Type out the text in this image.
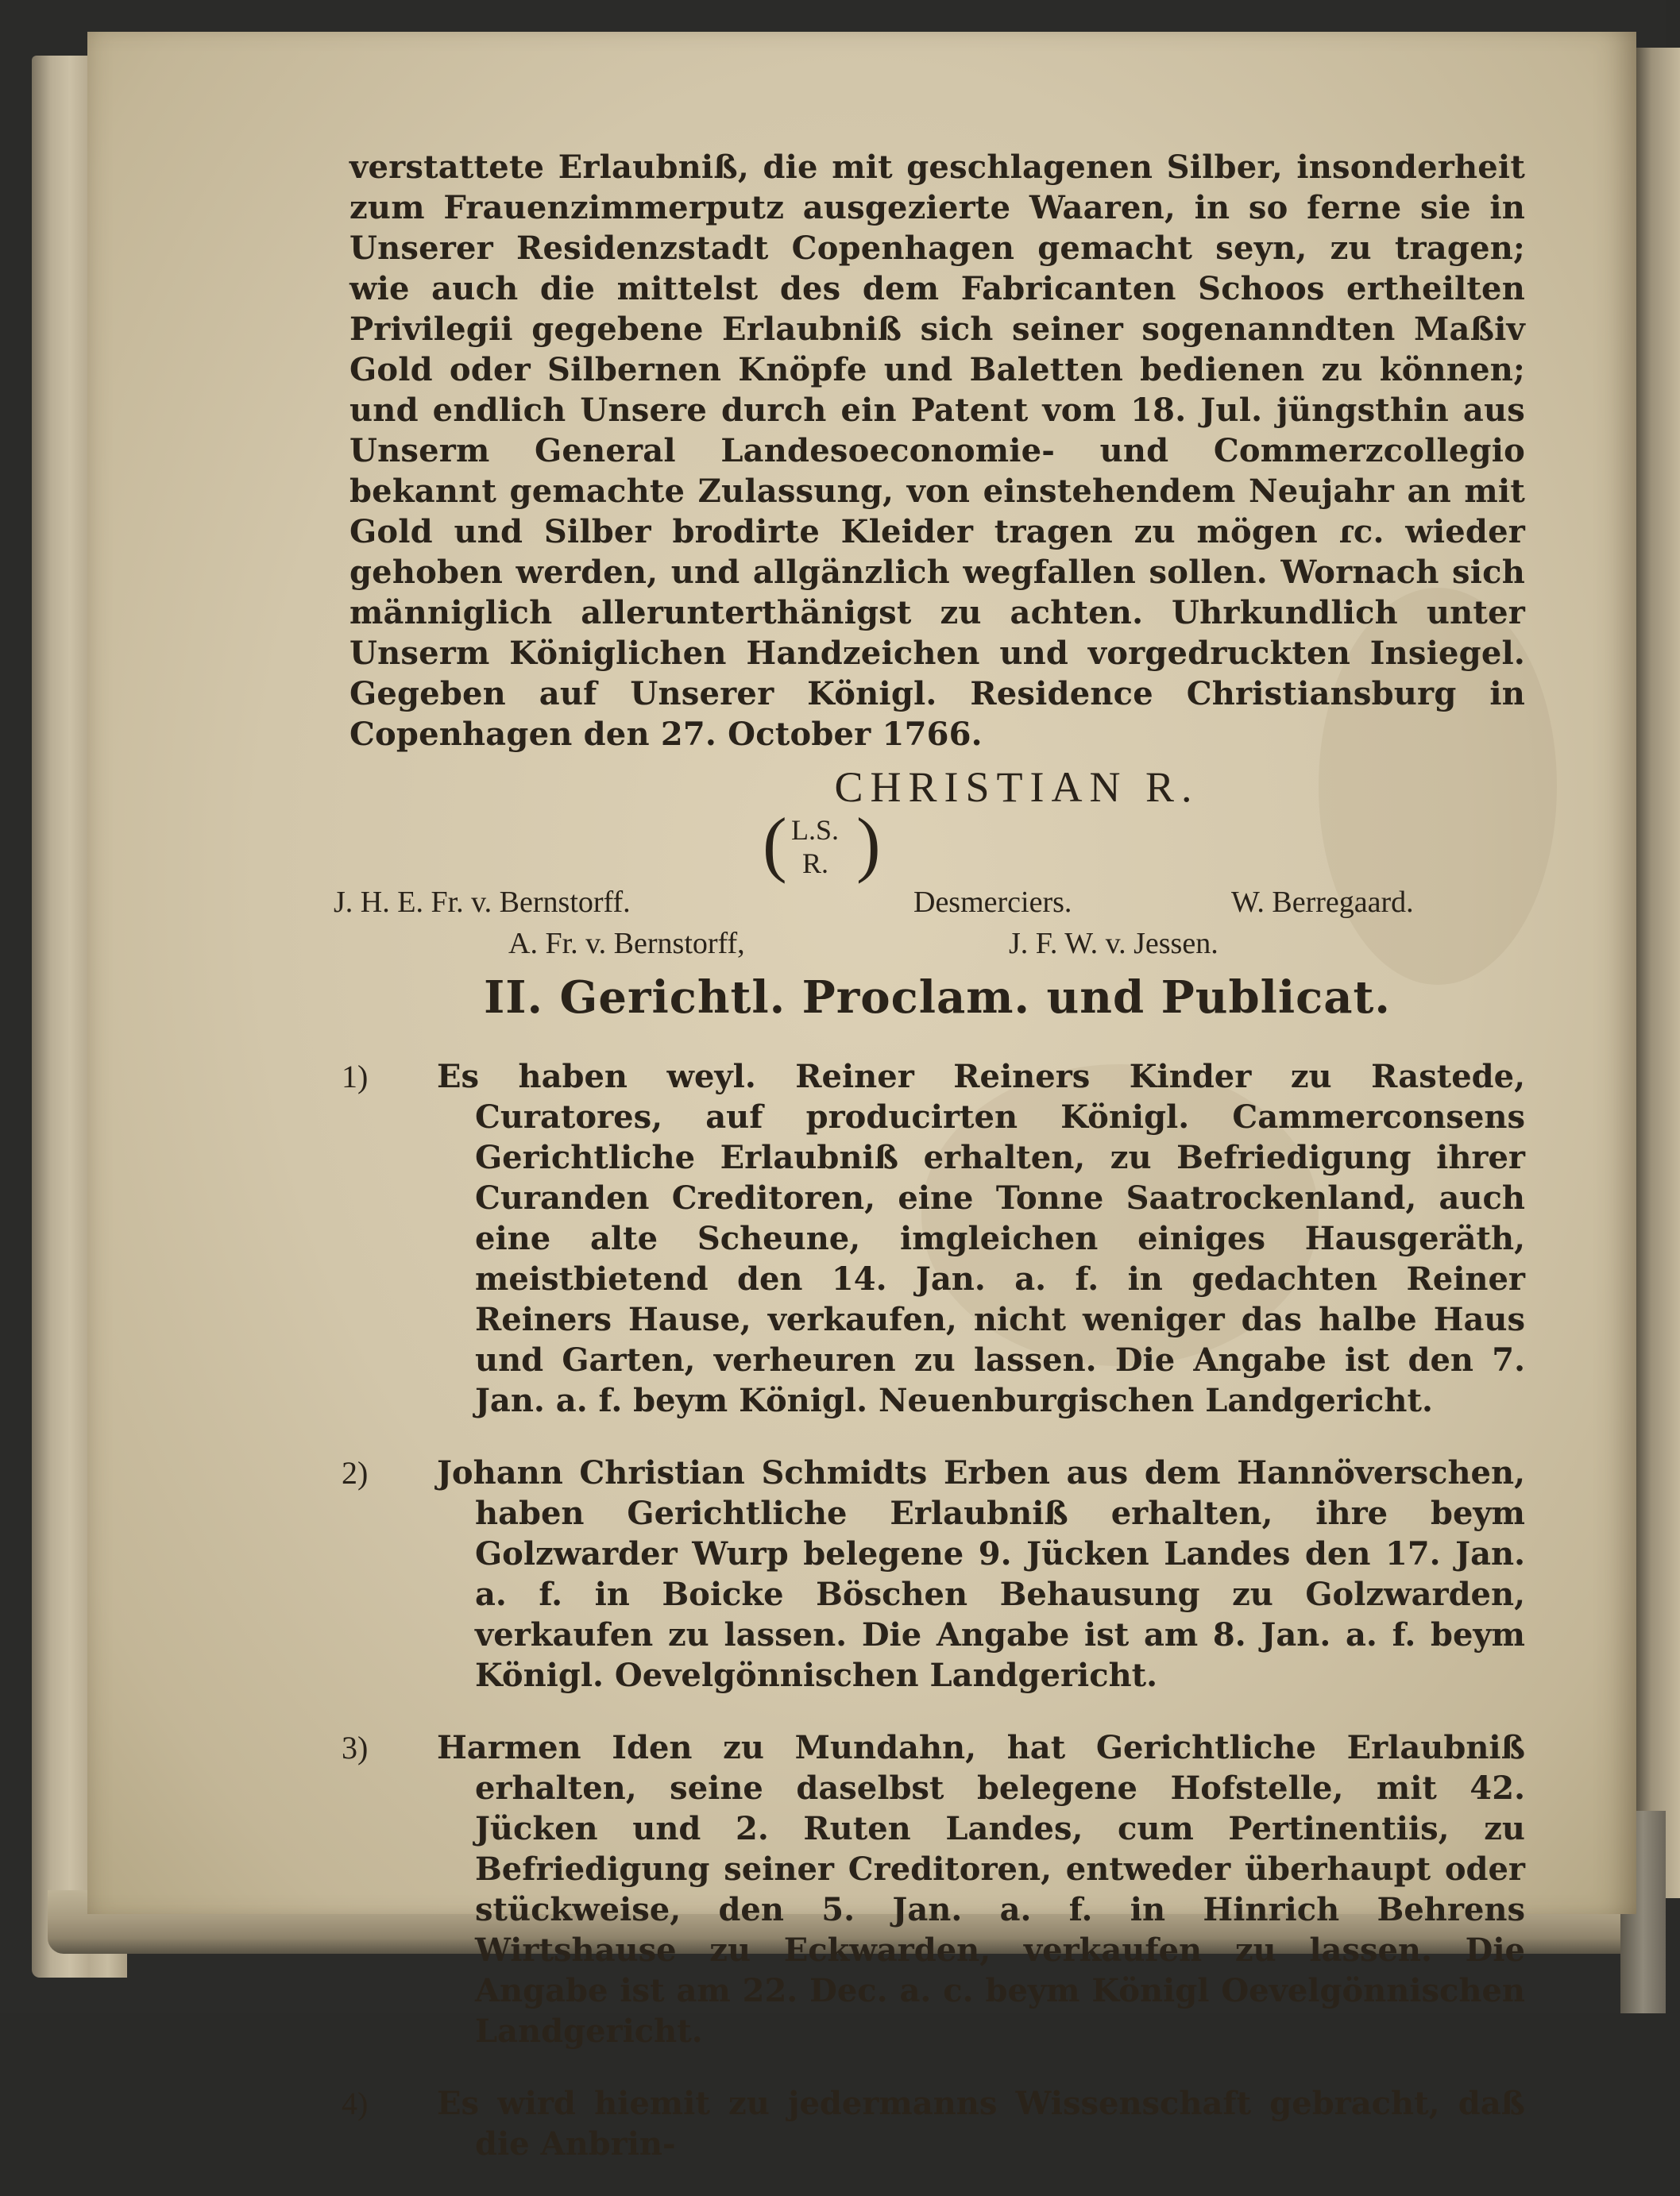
verstattete Erlaubniß, die mit geschlagenen Silber, insonderheit zum Frauenzimmerputz ausgezierte Waaren, in so ferne sie in Unserer Residenzstadt Copenhagen gemacht seyn, zu tragen; wie auch die mittelst des dem Fabricanten Schoos ertheilten Privilegii gegebene Erlaubniß sich seiner sogenanndten Maßiv Gold oder Silbernen Knöpfe und Baletten bedienen zu können; und endlich Unsere durch ein Patent vom 18. Jul. jüngsthin aus Unserm General Landesoeconomie- und Commerzcollegio bekannt gemachte Zulassung, von einstehendem Neujahr an mit Gold und Silber brodirte Kleider tragen zu mögen ɾc. wieder gehoben werden, und allgänzlich wegfallen sollen. Wornach sich männiglich allerunterthänigst zu achten. Uhrkundlich unter Unserm Königlichen Handzeichen und vorgedruckten Insiegel. Gegeben auf Unserer Königl. Residence Christiansburg in Copenhagen den 27. October 1766.

CHRISTIAN R.
( L.S.
R. )
J. H. E. Fr. v. Bernstorff.	Desmerciers.	W. Berregaard.
A. Fr. v. Bernstorff,	J. F. W. v. Jessen.
II. Gerichtl. Proclam. und Publicat.
1) Es haben weyl. Reiner Reiners Kinder zu Rastede, Curatores, auf producirten Königl. Cammerconsens Gerichtliche Erlaubniß erhalten, zu Befriedigung ihrer Curanden Creditoren, eine Tonne Saatrockenland, auch eine alte Scheune, imgleichen einiges Hausgeräth, meistbietend den 14. Jan. a. f. in gedachten Reiner Reiners Hause, verkaufen, nicht weniger das halbe Haus und Garten, verheuren zu lassen. Die Angabe ist den 7. Jan. a. f. beym Königl. Neuenburgischen Landgericht.

2) Johann Christian Schmidts Erben aus dem Hannöverschen, haben Gerichtliche Erlaubniß erhalten, ihre beym Golzwarder Wurp belegene 9. Jücken Landes den 17. Jan. a. f. in Boicke Böschen Behausung zu Golzwarden, verkaufen zu lassen. Die Angabe ist am 8. Jan. a. f. beym Königl. Oevelgönnischen Landgericht.

3) Harmen Iden zu Mundahn, hat Gerichtliche Erlaubniß erhalten, seine daselbst belegene Hofstelle, mit 42. Jücken und 2. Ruten Landes, cum Pertinentiis, zu Befriedigung seiner Creditoren, entweder überhaupt oder stückweise, den 5. Jan. a. f. in Hinrich Behrens Wirtshause zu Eckwarden, verkaufen zu lassen. Die Angabe ist am 22. Dec. a. c. beym Königl Oevelgönnischen Landgericht.

4) Es wird hiemit zu jedermanns Wissenschaft gebracht, daß die Anbrin-
